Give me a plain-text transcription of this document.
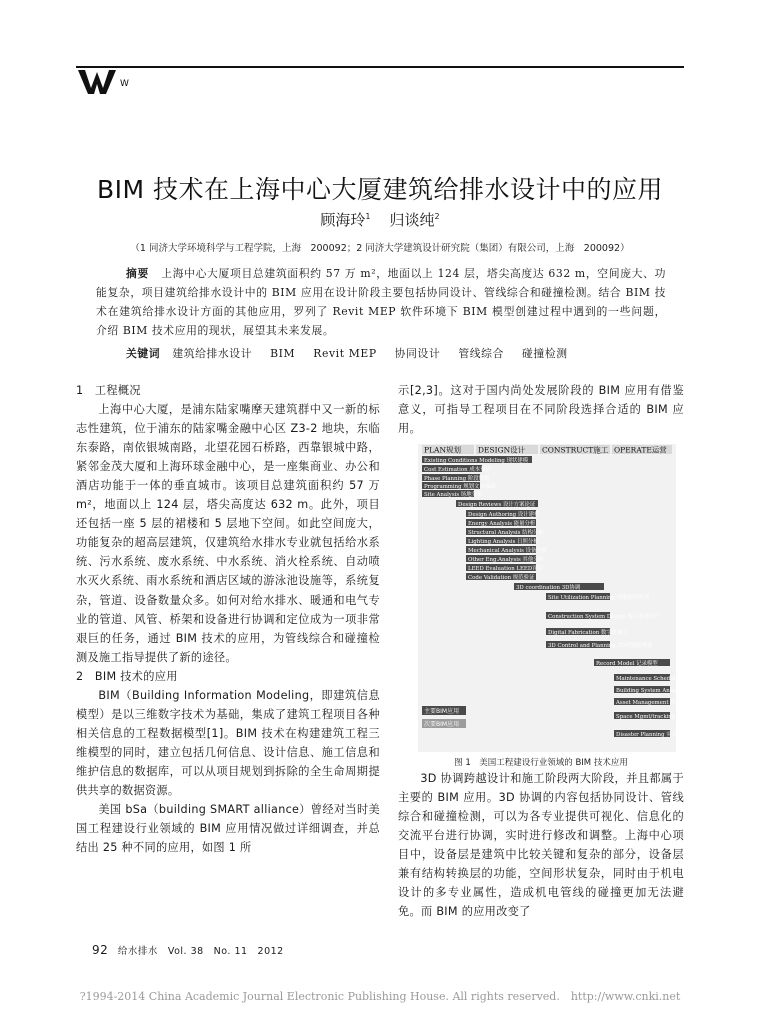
W
BIM 技术在上海中心大厦建筑给排水设计中的应用
顾海玲$^1$ 归谈纯$^2$
（1 同济大学环境科学与工程学院，上海　200092；2 同济大学建筑设计研究院（集团）有限公司，上海　200092）
摘要 上海中心大厦项目总建筑面积约 57 万 m²，地面以上 124 层，塔尖高度达 632 m，空间庞大、功能复杂，项目建筑给排水设计中的 BIM 应用在设计阶段主要包括协同设计、管线综合和碰撞检测。结合 BIM 技术在建筑给排水设计方面的其他应用，罗列了 Revit MEP 软件环境下 BIM 模型创建过程中遇到的一些问题，介绍 BIM 技术应用的现状，展望其未来发展。
关键词 建筑给排水设计 BIM Revit MEP 协同设计 管线综合 碰撞检测

1　工程概况

上海中心大厦，是浦东陆家嘴摩天建筑群中又一新的标志性建筑，位于浦东的陆家嘴金融中心区 Z3-2 地块，东临东泰路，南依银城南路，北望花园石桥路，西靠银城中路，紧邻金茂大厦和上海环球金融中心，是一座集商业、办公和酒店功能于一体的垂直城市。该项目总建筑面积约 57 万 m²，地面以上 124 层，塔尖高度达 632 m。此外，项目还包括一座 5 层的裙楼和 5 层地下空间。如此空间庞大，功能复杂的超高层建筑，仅建筑给水排水专业就包括给水系统、污水系统、废水系统、中水系统、消火栓系统、自动喷水灭火系统、雨水系统和酒店区域的游泳池设施等，系统复杂，管道、设备数量众多。如何对给水排水、暖通和电气专业的管道、风管、桥架和设备进行协调和定位成为一项非常艰巨的任务，通过 BIM 技术的应用，为管线综合和碰撞检测及施工指导提供了新的途径。

2　BIM 技术的应用

BIM（Building Information Modeling，即建筑信息模型）是以三维数字技术为基础，集成了建筑工程项目各种相关信息的工程数据模型[1]。BIM 技术在构建建筑工程三维模型的同时，建立包括几何信息、设计信息、施工信息和维护信息的数据库，可以从项目规划到拆除的全生命周期提供共享的数据资源。

美国 bSa（building SMART alliance）曾经对当时美国工程建设行业领域的 BIM 应用情况做过详细调查，并总结出 25 种不同的应用，如图 1 所

示[2,3]。这对于国内尚处发展阶段的 BIM 应用有借鉴意义，可指导工程项目在不同阶段选择合适的 BIM 应用。

PLAN规划 DESIGN设计 CONSTRUCT施工 OPERATE运营
Existing Conditions Modeling 现状建模
Cost Estimation 成本预算
Phase Planning 阶段规划
Programming 规划文本编制
Site Analysis 场地分析
Design Reviews 设计方案论证
Design Authoring 设计建模
Energy Analysis 能量分析
Structural Analysis 结构分析
Lighting Analysis 日照分析
Mechanical Analysis 设备分析
Other Eng.Analysis 其他分析
LEED Evaluation LEED评估
Code Validation 规范验证
3D coordination 3D协调
Site Utilization Planning 场地使用规划
Construction System Design 施工系统设计
Digital Fabrication 数字化加工
3D Control and Planning 3D控制和规划
Record Model 记录模型
Maintenance Scheduling 维护计划
Building System Analysis 建筑系统分析
Asset Management 资产管理
Space Mgmt/tracking 空间管理/追踪
Disaster Planning 灾害计划
主要BIM应用
次要BIM应用
图 1　美国工程建设行业领域的 BIM 技术应用

3D 协调跨越设计和施工阶段两大阶段，并且都属于主要的 BIM 应用。3D 协调的内容包括协同设计、管线综合和碰撞检测，可以为各专业提供可视化、信息化的交流平台进行协调，实时进行修改和调整。上海中心项目中，设备层是建筑中比较关键和复杂的部分，设备层兼有结构转换层的功能，空间形状复杂，同时由于机电设计的多专业属性，造成机电管线的碰撞更加无法避免。而 BIM 的应用改变了

92 给水排水　Vol. 38　No. 11　2012
?1994-2014 China Academic Journal Electronic Publishing House. All rights reserved.　http://www.cnki.net
